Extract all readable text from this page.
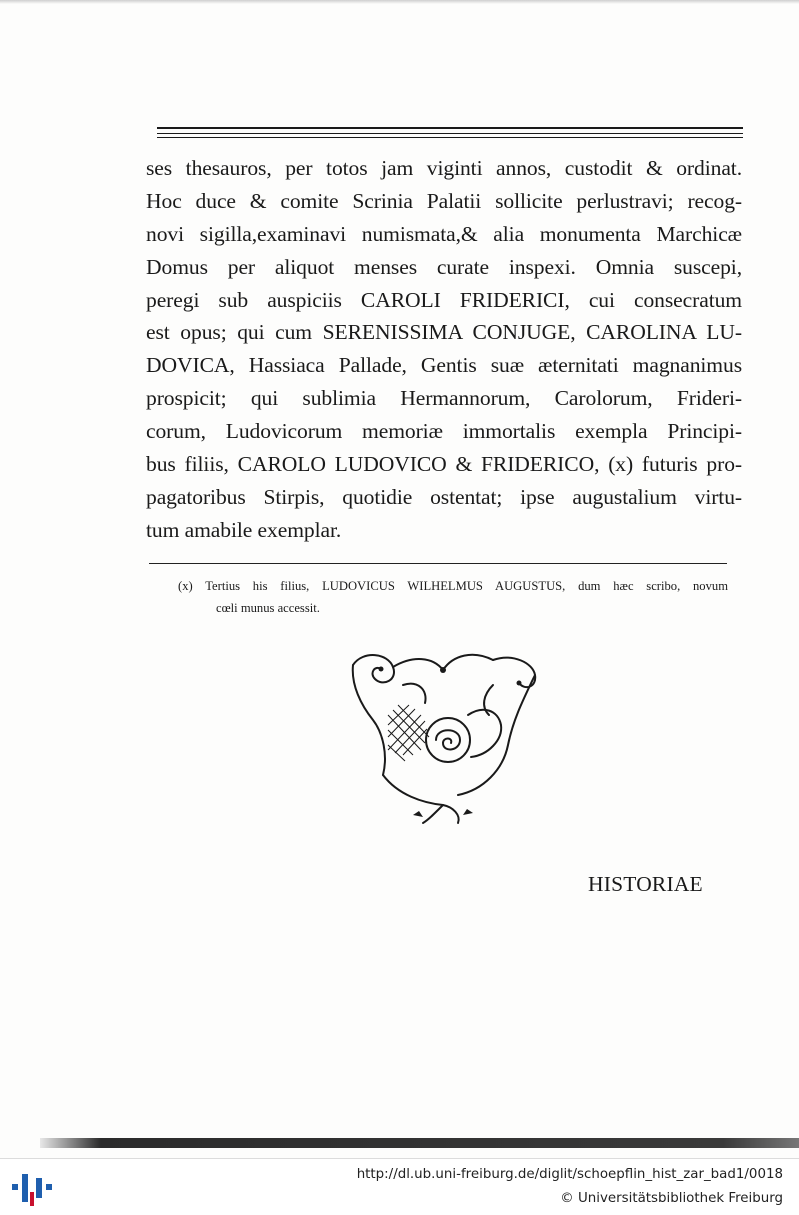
ses thesauros, per totos jam viginti annos, custodit & ordinat.
Hoc duce & comite Scrinia Palatii sollicite perlustravi; recog-
novi sigilla,examinavi numismata,& alia monumenta Marchicæ
Domus per aliquot menses curate inspexi. Omnia suscepi,
peregi sub auspiciis CAROLI FRIDERICI, cui consecratum
est opus; qui cum SERENISSIMA CONJUGE, CAROLINA LU-
DOVICA, Hassiaca Pallade, Gentis suæ æternitati magnanimus
prospicit; qui sublimia Hermannorum, Carolorum, Frideri-
corum, Ludovicorum memoriæ immortalis exempla Principi-
bus filiis, CAROLO LUDOVICO & FRIDERICO, (x) futuris pro-
pagatoribus Stirpis, quotidie ostentat; ipse augustalium virtu-
tum amabile exemplar.
(x) Tertius his filius, LUDOVICUS WILHELMUS AUGUSTUS, dum hæc scribo, novum
cœli munus accessit.
HISTORIAE
http://dl.ub.uni-freiburg.de/diglit/schoepflin_hist_zar_bad1/0018
© Universitätsbibliothek Freiburg
